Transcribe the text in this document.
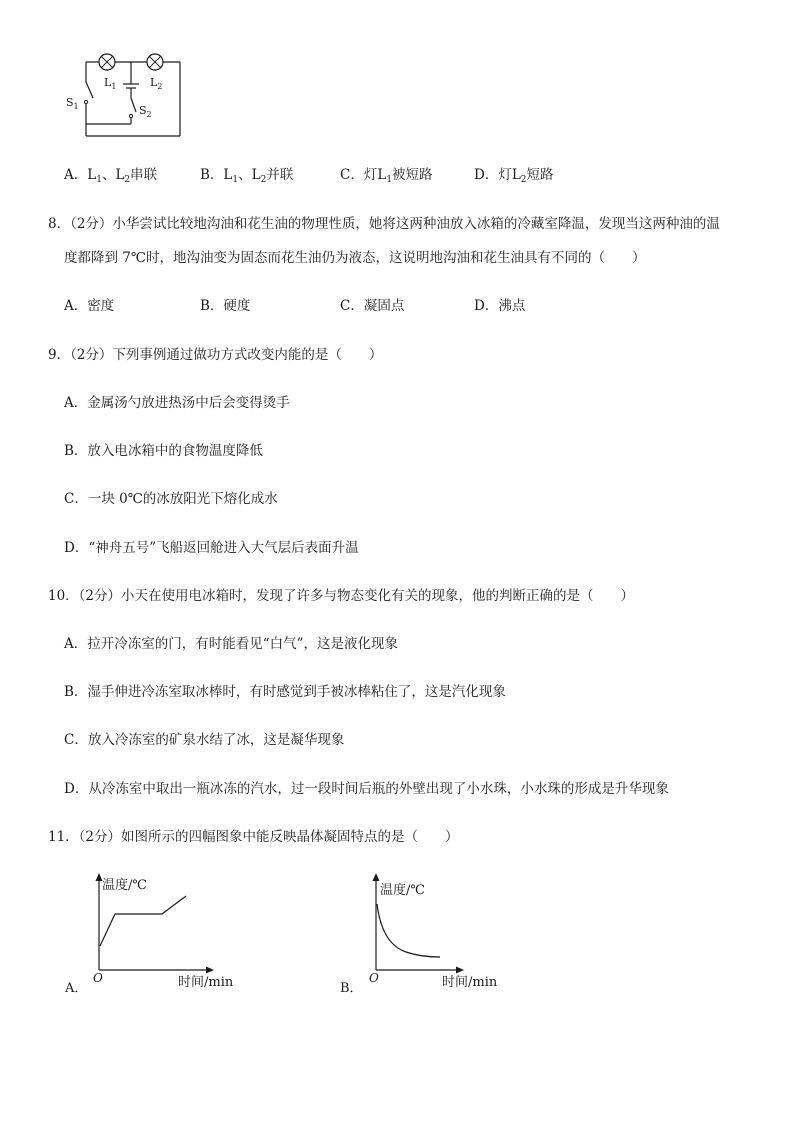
$L_1$	$L_2$
$S_1$	$S_2$
A．$L_1$、$L_2$串联	B．$L_1$、$L_2$并联	C．灯$L_1$被短路	D．灯$L_2$短路
8．（2分）小华尝试比较地沟油和花生油的物理性质，她将这两种油放入冰箱的冷藏室降温，发现当这两种油的温
度都降到 7℃时，地沟油变为固态而花生油仍为液态，这说明地沟油和花生油具有不同的（　　）
A．密度	B．硬度	C．凝固点	D．沸点
9．（2分）下列事例通过做功方式改变内能的是（　　）
A．金属汤勺放进热汤中后会变得烫手
B．放入电冰箱中的食物温度降低
C．一块 0℃的冰放阳光下熔化成水
D．“神舟五号”飞船返回舱进入大气层后表面升温
10．（2分）小天在使用电冰箱时，发现了许多与物态变化有关的现象，他的判断正确的是（　　）
A．拉开冷冻室的门，有时能看见“白气”，这是液化现象
B．湿手伸进冷冻室取冰棒时，有时感觉到手被冰棒粘住了，这是汽化现象
C．放入冷冻室的矿泉水结了冰，这是凝华现象
D．从冷冻室中取出一瓶冰冻的汽水，过一段时间后瓶的外壁出现了小水珠，小水珠的形成是升华现象
11．（2分）如图所示的四幅图象中能反映晶体凝固特点的是（　　）
A．
温度/℃
O	时间/min	B．
温度/℃
O	时间/min
